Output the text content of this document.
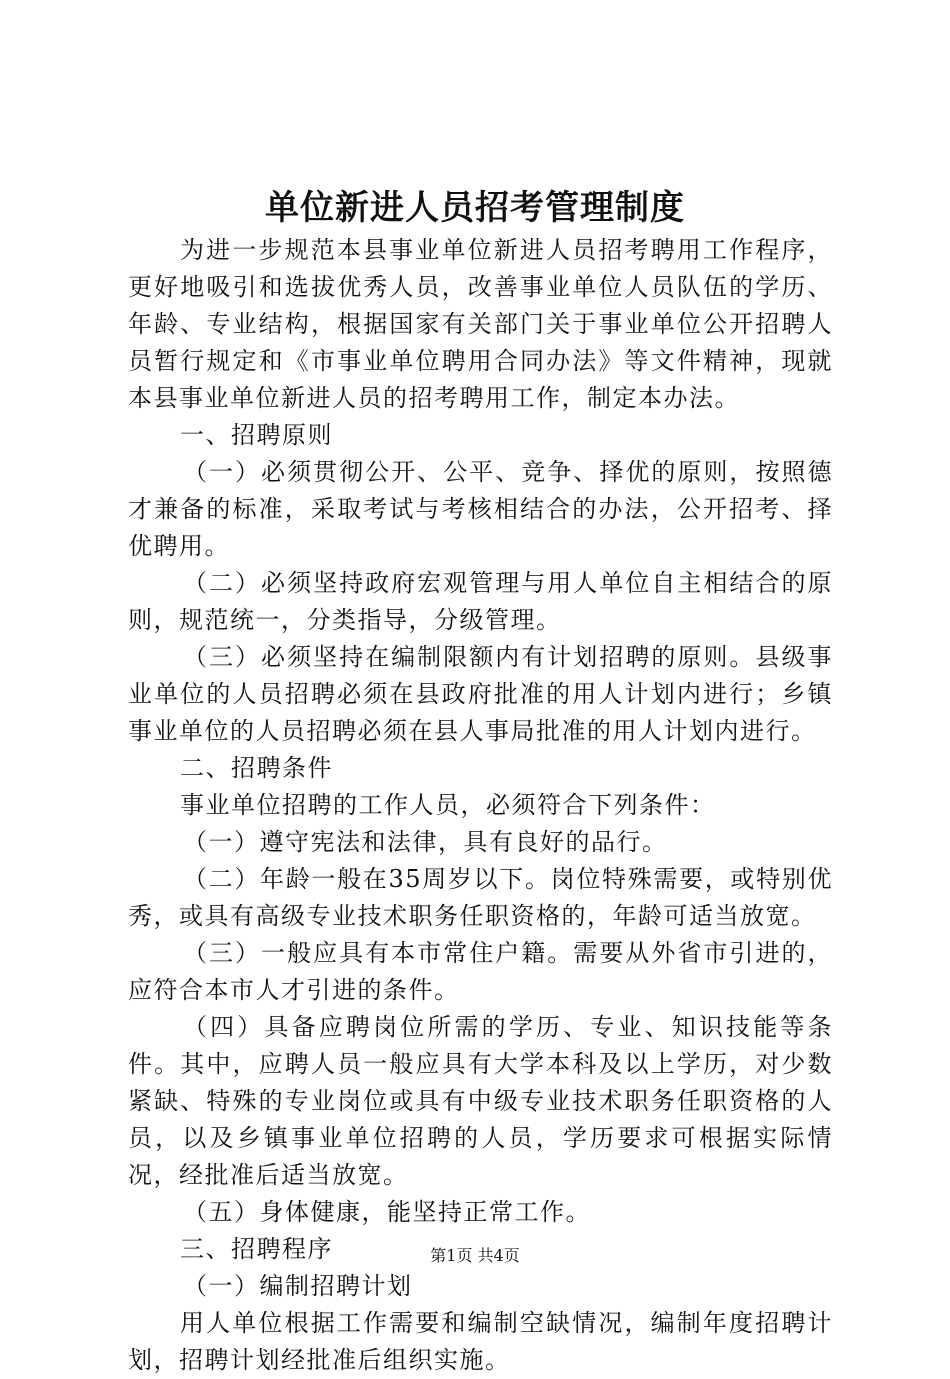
单位新进人员招考管理制度

为进一步规范本县事业单位新进人员招考聘用工作程序，更好地吸引和选拔优秀人员，改善事业单位人员队伍的学历、年龄、专业结构，根据国家有关部门关于事业单位公开招聘人员暂行规定和《市事业单位聘用合同办法》等文件精神，现就本县事业单位新进人员的招考聘用工作，制定本办法。

一、招聘原则

（一）必须贯彻公开、公平、竞争、择优的原则，按照德才兼备的标准，采取考试与考核相结合的办法，公开招考、择优聘用。

（二）必须坚持政府宏观管理与用人单位自主相结合的原则，规范统一，分类指导，分级管理。

（三）必须坚持在编制限额内有计划招聘的原则。县级事业单位的人员招聘必须在县政府批准的用人计划内进行；乡镇事业单位的人员招聘必须在县人事局批准的用人计划内进行。

二、招聘条件

事业单位招聘的工作人员，必须符合下列条件：

（一）遵守宪法和法律，具有良好的品行。

（二）年龄一般在35周岁以下。岗位特殊需要，或特别优秀，或具有高级专业技术职务任职资格的，年龄可适当放宽。

（三）一般应具有本市常住户籍。需要从外省市引进的，应符合本市人才引进的条件。

（四）具备应聘岗位所需的学历、专业、知识技能等条件。其中，应聘人员一般应具有大学本科及以上学历，对少数紧缺、特殊的专业岗位或具有中级专业技术职务任职资格的人员，以及乡镇事业单位招聘的人员，学历要求可根据实际情况，经批准后适当放宽。

（五）身体健康，能坚持正常工作。

三、招聘程序

（一）编制招聘计划

用人单位根据工作需要和编制空缺情况，编制年度招聘计划，招聘计划经批准后组织实施。

第1页 共4页
